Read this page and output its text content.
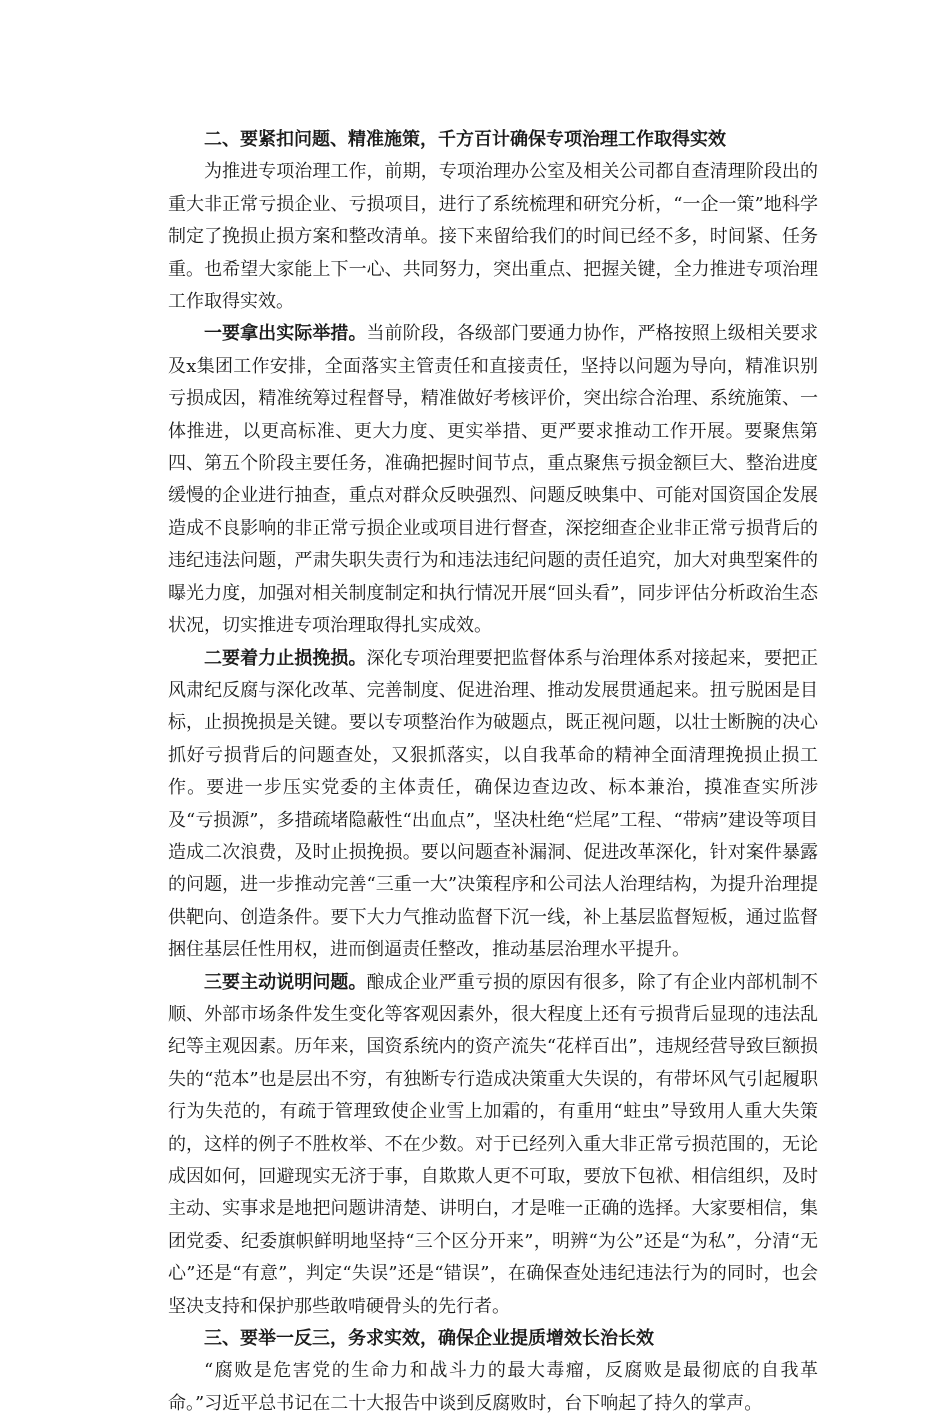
二、要紧扣问题、精准施策，千方百计确保专项治理工作取得实效

为推进专项治理工作，前期，专项治理办公室及相关公司都自查清理阶段出的重大非正常亏损企业、亏损项目，进行了系统梳理和研究分析，“一企一策”地科学制定了挽损止损方案和整改清单。接下来留给我们的时间已经不多，时间紧、任务重。也希望大家能上下一心、共同努力，突出重点、把握关键，全力推进专项治理工作取得实效。

一要拿出实际举措。当前阶段，各级部门要通力协作，严格按照上级相关要求及x集团工作安排，全面落实主管责任和直接责任，坚持以问题为导向，精准识别亏损成因，精准统筹过程督导，精准做好考核评价，突出综合治理、系统施策、一体推进，以更高标准、更大力度、更实举措、更严要求推动工作开展。要聚焦第四、第五个阶段主要任务，准确把握时间节点，重点聚焦亏损金额巨大、整治进度缓慢的企业进行抽查，重点对群众反映强烈、问题反映集中、可能对国资国企发展造成不良影响的非正常亏损企业或项目进行督查，深挖细查企业非正常亏损背后的违纪违法问题，严肃失职失责行为和违法违纪问题的责任追究，加大对典型案件的曝光力度，加强对相关制度制定和执行情况开展“回头看”，同步评估分析政治生态状况，切实推进专项治理取得扎实成效。

二要着力止损挽损。深化专项治理要把监督体系与治理体系对接起来，要把正风肃纪反腐与深化改革、完善制度、促进治理、推动发展贯通起来。扭亏脱困是目标，止损挽损是关键。要以专项整治作为破题点，既正视问题，以壮士断腕的决心抓好亏损背后的问题查处，又狠抓落实，以自我革命的精神全面清理挽损止损工作。要进一步压实党委的主体责任，确保边查边改、标本兼治，摸准查实所涉及“亏损源”，多措疏堵隐蔽性“出血点”，坚决杜绝“烂尾”工程、“带病”建设等项目造成二次浪费，及时止损挽损。要以问题查补漏洞、促进改革深化，针对案件暴露的问题，进一步推动完善“三重一大”决策程序和公司法人治理结构，为提升治理提供靶向、创造条件。要下大力气推动监督下沉一线，补上基层监督短板，通过监督捆住基层任性用权，进而倒逼责任整改，推动基层治理水平提升。

三要主动说明问题。酿成企业严重亏损的原因有很多，除了有企业内部机制不顺、外部市场条件发生变化等客观因素外，很大程度上还有亏损背后显现的违法乱纪等主观因素。历年来，国资系统内的资产流失“花样百出”，违规经营导致巨额损失的“范本”也是层出不穷，有独断专行造成决策重大失误的，有带坏风气引起履职行为失范的，有疏于管理致使企业雪上加霜的，有重用“蛀虫”导致用人重大失策的，这样的例子不胜枚举、不在少数。对于已经列入重大非正常亏损范围的，无论成因如何，回避现实无济于事，自欺欺人更不可取，要放下包袱、相信组织，及时主动、实事求是地把问题讲清楚、讲明白，才是唯一正确的选择。大家要相信，集团党委、纪委旗帜鲜明地坚持“三个区分开来”，明辨“为公”还是“为私”，分清“无心”还是“有意”，判定“失误”还是“错误”，在确保查处违纪违法行为的同时，也会坚决支持和保护那些敢啃硬骨头的先行者。

三、要举一反三，务求实效，确保企业提质增效长治长效

“腐败是危害党的生命力和战斗力的最大毒瘤，反腐败是最彻底的自我革命。”习近平总书记在二十大报告中谈到反腐败时，台下响起了持久的掌声。
